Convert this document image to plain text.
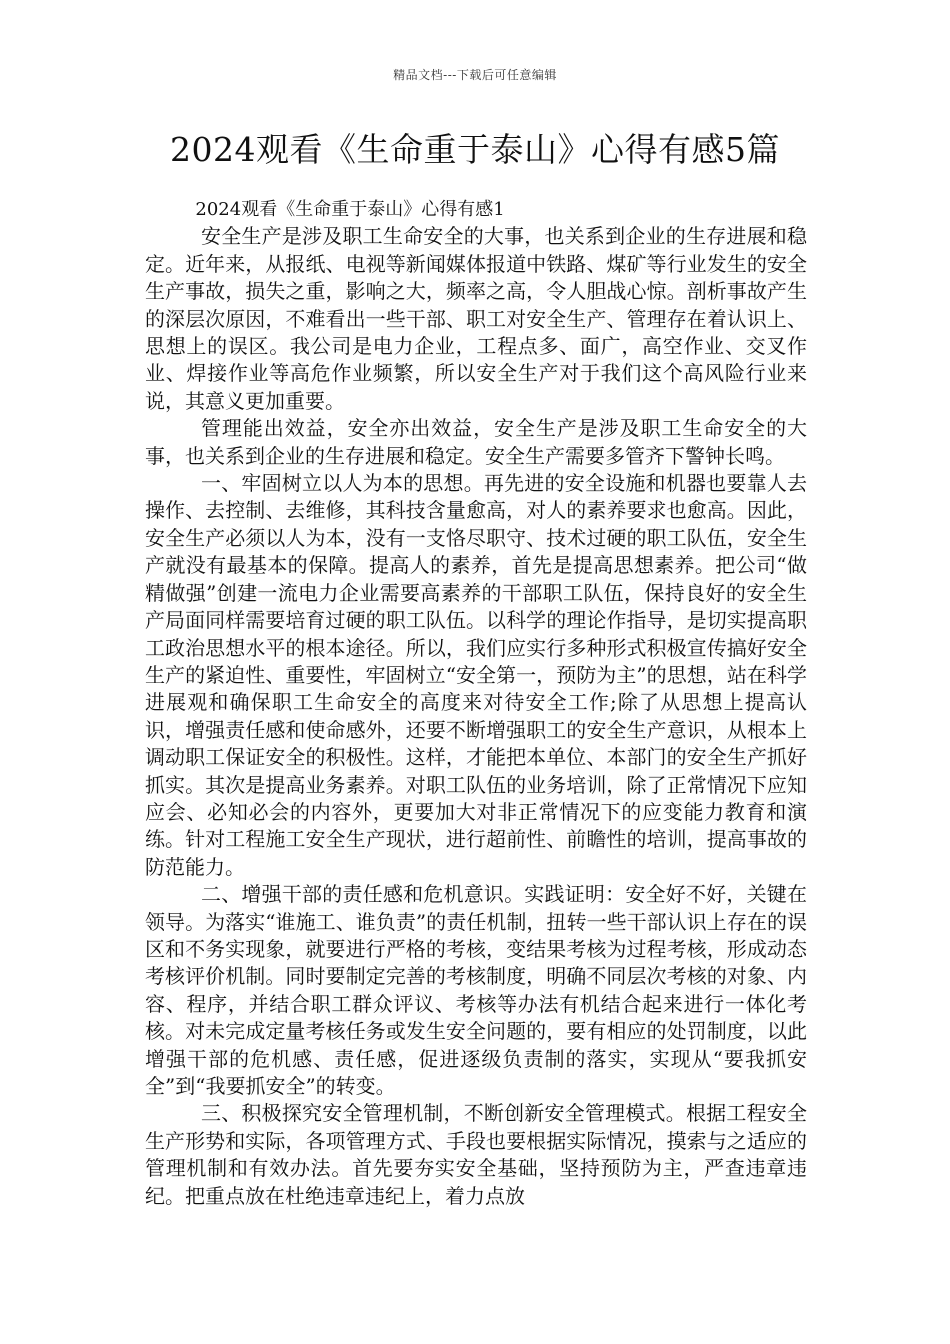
精品文档---下载后可任意编辑
2024观看《生命重于泰山》心得有感5篇

2024观看《生命重于泰山》心得有感1

安全生产是涉及职工生命安全的大事，也关系到企业的生存进展和稳定。近年来，从报纸、电视等新闻媒体报道中铁路、煤矿等行业发生的安全生产事故，损失之重，影响之大，频率之高，令人胆战心惊。剖析事故产生的深层次原因，不难看出一些干部、职工对安全生产、管理存在着认识上、思想上的误区。我公司是电力企业，工程点多、面广，高空作业、交叉作业、焊接作业等高危作业频繁，所以安全生产对于我们这个高风险行业来说，其意义更加重要。

管理能出效益，安全亦出效益，安全生产是涉及职工生命安全的大事，也关系到企业的生存进展和稳定。安全生产需要多管齐下警钟长鸣。

一、牢固树立以人为本的思想。再先进的安全设施和机器也要靠人去操作、去控制、去维修，其科技含量愈高，对人的素养要求也愈高。因此，安全生产必须以人为本，没有一支恪尽职守、技术过硬的职工队伍，安全生产就没有最基本的保障。提高人的素养，首先是提高思想素养。把公司“做精做强”创建一流电力企业需要高素养的干部职工队伍，保持良好的安全生产局面同样需要培育过硬的职工队伍。以科学的理论作指导，是切实提高职工政治思想水平的根本途径。所以，我们应实行多种形式积极宣传搞好安全生产的紧迫性、重要性，牢固树立“安全第一，预防为主”的思想，站在科学进展观和确保职工生命安全的高度来对待安全工作;除了从思想上提高认识，增强责任感和使命感外，还要不断增强职工的安全生产意识，从根本上调动职工保证安全的积极性。这样，才能把本单位、本部门的安全生产抓好抓实。其次是提高业务素养。对职工队伍的业务培训，除了正常情况下应知应会、必知必会的内容外，更要加大对非正常情况下的应变能力教育和演练。针对工程施工安全生产现状，进行超前性、前瞻性的培训，提高事故的防范能力。

二、增强干部的责任感和危机意识。实践证明：安全好不好，关键在领导。为落实“谁施工、谁负责”的责任机制，扭转一些干部认识上存在的误区和不务实现象，就要进行严格的考核，变结果考核为过程考核，形成动态考核评价机制。同时要制定完善的考核制度，明确不同层次考核的对象、内容、程序，并结合职工群众评议、考核等办法有机结合起来进行一体化考核。对未完成定量考核任务或发生安全问题的，要有相应的处罚制度，以此增强干部的危机感、责任感，促进逐级负责制的落实，实现从“要我抓安全”到“我要抓安全”的转变。

三、积极探究安全管理机制，不断创新安全管理模式。根据工程安全生产形势和实际，各项管理方式、手段也要根据实际情况，摸索与之适应的管理机制和有效办法。首先要夯实安全基础，坚持预防为主，严查违章违纪。把重点放在杜绝违章违纪上，着力点放
